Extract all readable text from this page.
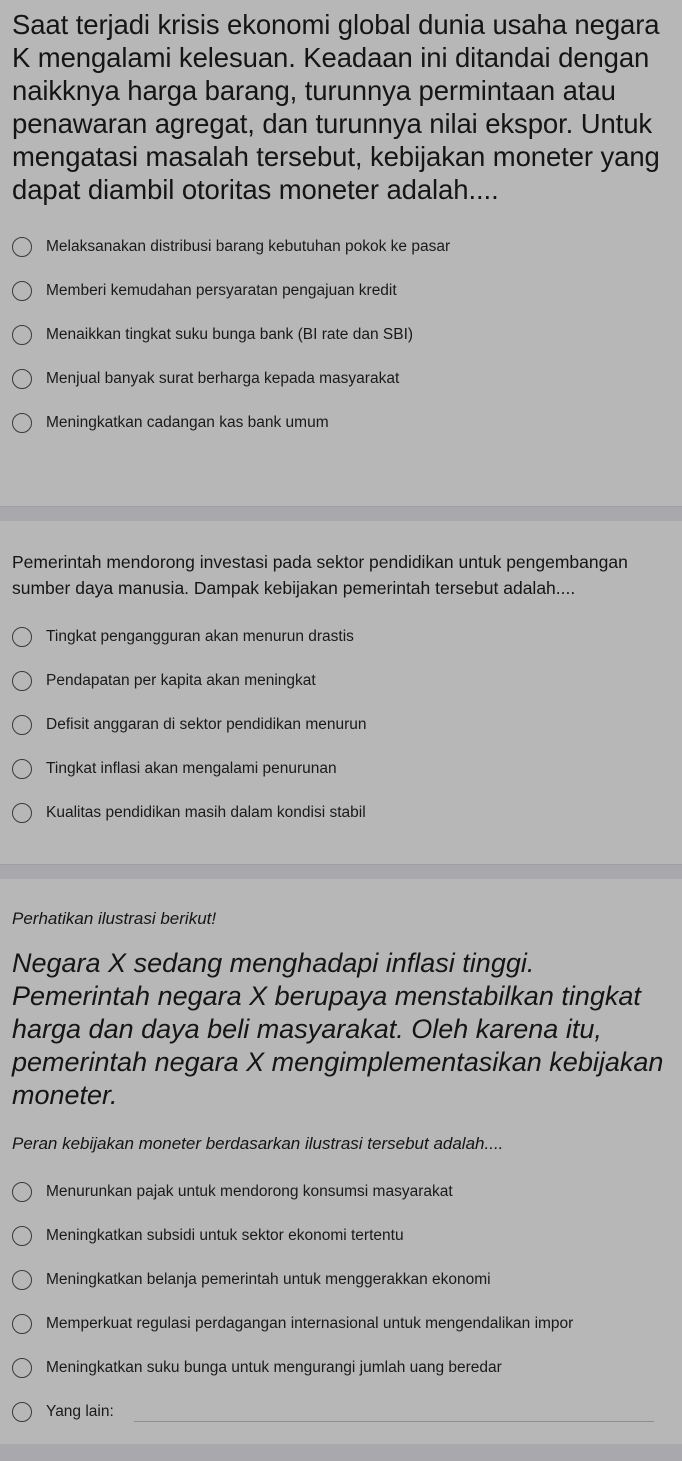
Saat terjadi krisis ekonomi global dunia usaha negara K mengalami kelesuan. Keadaan ini ditandai dengan naikknya harga barang, turunnya permintaan atau penawaran agregat, dan turunnya nilai ekspor. Untuk mengatasi masalah tersebut, kebijakan moneter yang dapat diambil otoritas moneter adalah....

Melaksanakan distribusi barang kebutuhan pokok ke pasar
Memberi kemudahan persyaratan pengajuan kredit
Menaikkan tingkat suku bunga bank (BI rate dan SBI)
Menjual banyak surat berharga kepada masyarakat
Meningkatkan cadangan kas bank umum

Pemerintah mendorong investasi pada sektor pendidikan untuk pengembangan sumber daya manusia. Dampak kebijakan pemerintah tersebut adalah....

Tingkat pengangguran akan menurun drastis
Pendapatan per kapita akan meningkat
Defisit anggaran di sektor pendidikan menurun
Tingkat inflasi akan mengalami penurunan
Kualitas pendidikan masih dalam kondisi stabil

Perhatikan ilustrasi berikut!

Negara X sedang menghadapi inflasi tinggi. Pemerintah negara X berupaya menstabilkan tingkat harga dan daya beli masyarakat. Oleh karena itu, pemerintah negara X mengimplementasikan kebijakan moneter.

Peran kebijakan moneter berdasarkan ilustrasi tersebut adalah....

Menurunkan pajak untuk mendorong konsumsi masyarakat
Meningkatkan subsidi untuk sektor ekonomi tertentu
Meningkatkan belanja pemerintah untuk menggerakkan ekonomi
Memperkuat regulasi perdagangan internasional untuk mengendalikan impor
Meningkatkan suku bunga untuk mengurangi jumlah uang beredar
Yang lain:
